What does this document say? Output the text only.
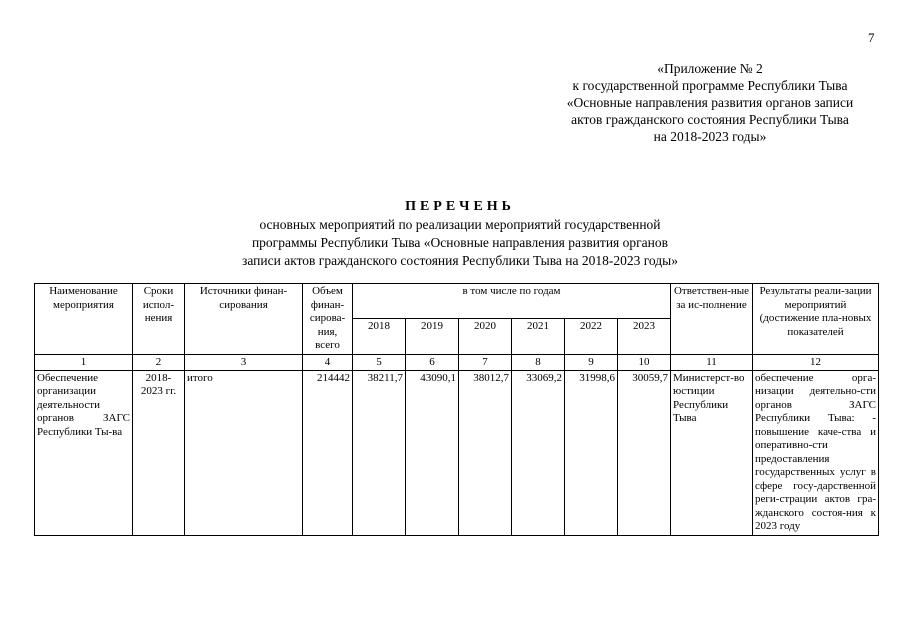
7
«Приложение № 2
к государственной программе Республики Тыва
«Основные направления развития органов записи
актов гражданского состояния Республики Тыва
на 2018-2023 годы»
ПЕРЕЧЕНЬ
основных мероприятий по реализации мероприятий государственной
программы Республики Тыва «Основные направления развития органов
записи актов гражданского состояния Республики Тыва на 2018-2023 годы»
Наименование мероприятия	Сроки испол-нения	Источники финан-сирования	Объем финан-сирова-ния, всего	в том числе по годам						Ответствен-ные за ис-полнение	Результаты реали-зации мероприятий (достижение пла-новых показателей
				2018	2019	2020	2021	2022	2023		
1	2	3	4	5	6	7	8	9	10	11	12
Обеспечение организации деятельности органов ЗАГС Республики Ты-ва	2018-2023 гг.	итого	214442	38211,7	43090,1	38012,7	33069,2	31998,6	30059,7	Министерст-во юстиции Республики Тыва	обеспечение орга-низации деятельно-сти органов ЗАГС Республики Тыва: - повышение каче-ства и оперативно-сти предоставления государственных услуг в сфере госу-дарственной реги-страции актов гра-жданского состоя-ния к 2023 году
